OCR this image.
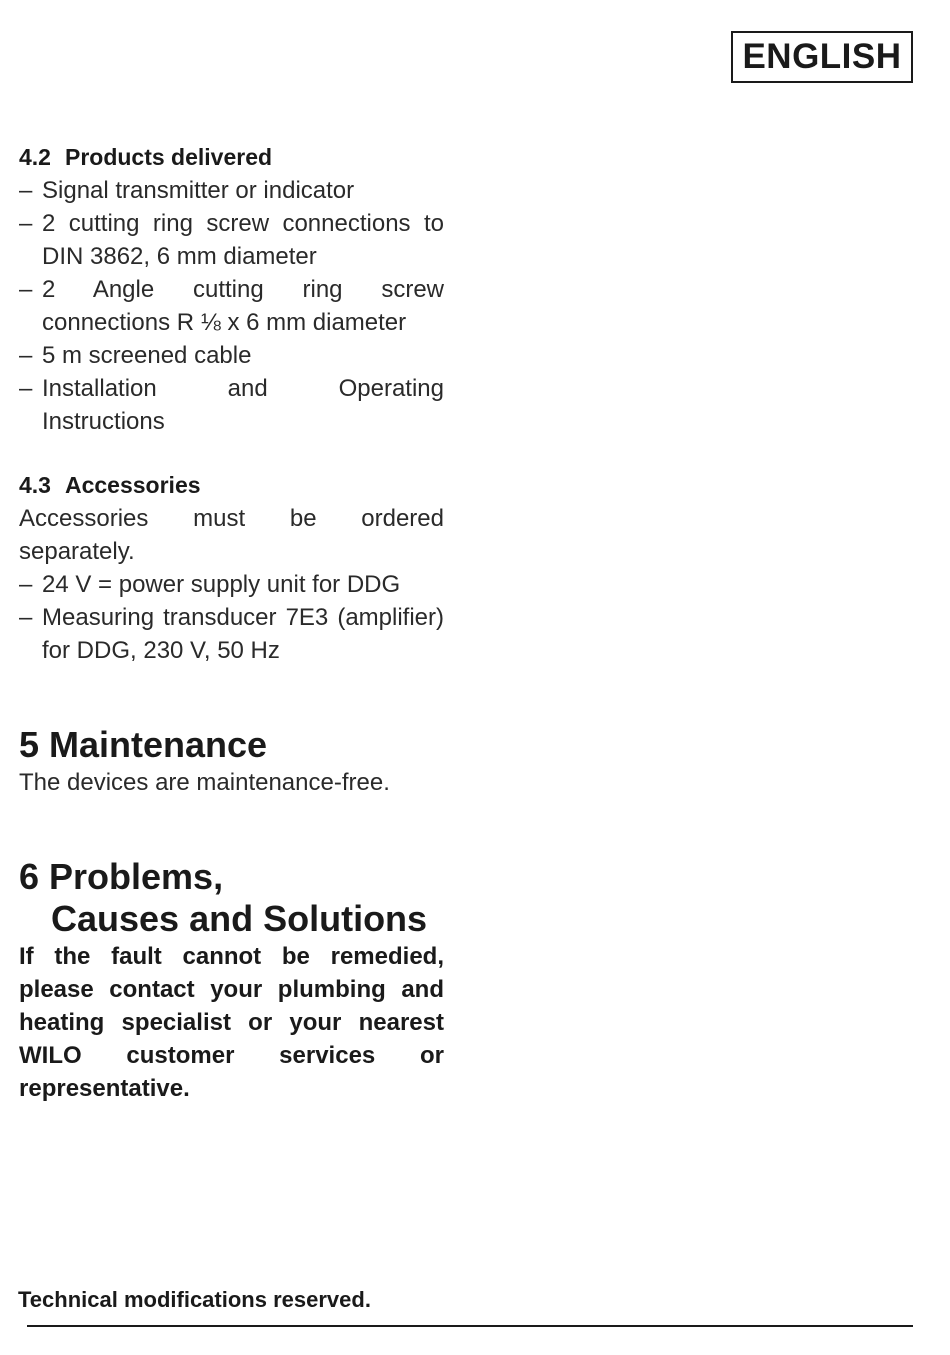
ENGLISH
4.2 Products delivered
– Signal transmitter or indicator
– 2 cutting ring screw connections to DIN 3862, 6 mm diameter
– 2 Angle cutting ring screw connections R ⅛ x 6 mm diameter
– 5 m screened cable
– Installation and Operating Instructions
4.3 Accessories

Accessories must be ordered separately.

– 24 V = power supply unit for DDG
– Measuring transducer 7E3 (amplifier) for DDG, 230 V, 50 Hz
5 Maintenance

The devices are maintenance-free.

6 Problems,
Causes and Solutions

If the fault cannot be remedied, please contact your plumbing and heating specialist or your nearest WILO customer services or representative.

Technical modifications reserved.
